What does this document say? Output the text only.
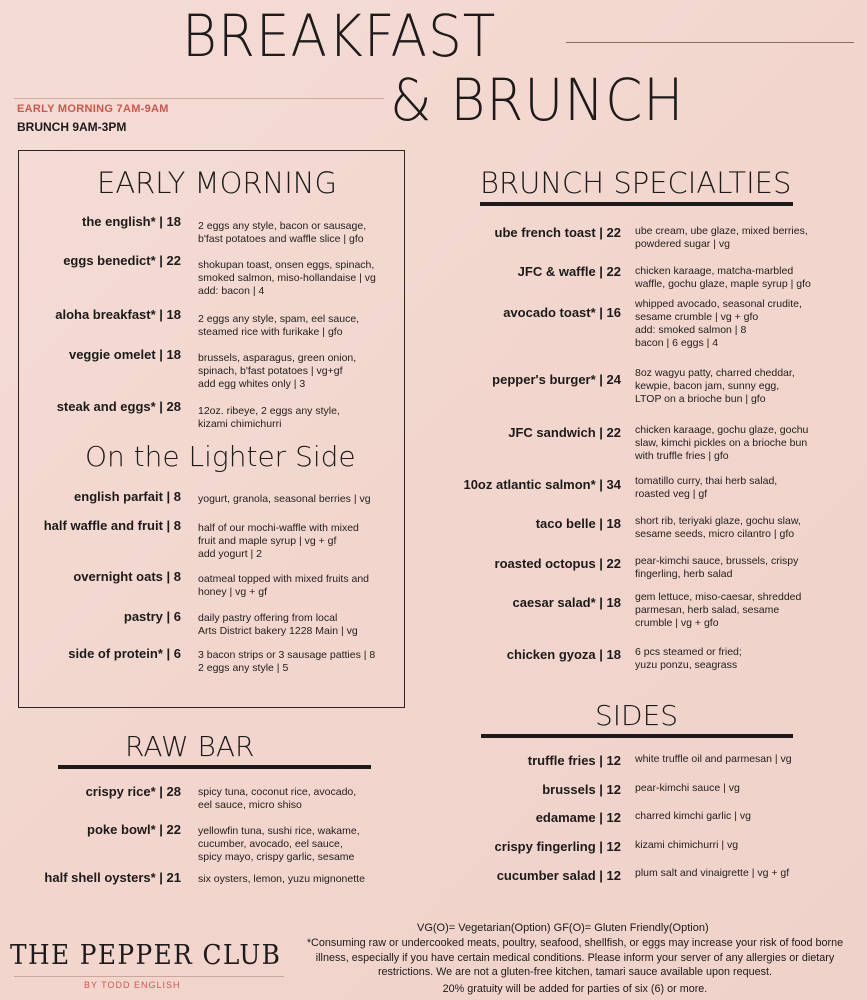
BREAKFAST
& BRUNCH
EARLY MORNING 7AM-9AM
BRUNCH 9AM-3PM
EARLY MORNING
the english* | 18 2 eggs any style, bacon or sausage,
b'fast potatoes and waffle slice | gfo
eggs benedict* | 22 shokupan toast, onsen eggs, spinach,
smoked salmon, miso-hollandaise | vg
add: bacon | 4
aloha breakfast* | 18 2 eggs any style, spam, eel sauce,
steamed rice with furikake | gfo
veggie omelet | 18 brussels, asparagus, green onion,
spinach, b'fast potatoes | vg+gf
add egg whites only | 3
steak and eggs* | 28 12oz. ribeye, 2 eggs any style,
kizami chimichurri
On the Lighter Side
english parfait | 8 yogurt, granola, seasonal berries | vg
half waffle and fruit | 8 half of our mochi-waffle with mixed
fruit and maple syrup | vg + gf
add yogurt | 2
overnight oats | 8 oatmeal topped with mixed fruits and
honey | vg + gf
pastry | 6 daily pastry offering from local
Arts District bakery 1228 Main | vg
side of protein* | 6 3 bacon strips or 3 sausage patties | 8
2 eggs any style | 5
RAW BAR
crispy rice* | 28 spicy tuna, coconut rice, avocado,
eel sauce, micro shiso
poke bowl* | 22 yellowfin tuna, sushi rice, wakame,
cucumber, avocado, eel sauce,
spicy mayo, crispy garlic, sesame
half shell oysters* | 21 six oysters, lemon, yuzu mignonette
BRUNCH SPECIALTIES
ube french toast | 22 ube cream, ube glaze, mixed berries,
powdered sugar | vg
JFC & waffle | 22 chicken karaage, matcha-marbled
waffle, gochu glaze, maple syrup | gfo
avocado toast* | 16
whipped avocado, seasonal crudite,
sesame crumble | vg + gfo
add: smoked salmon | 8
bacon | 6 eggs | 4
pepper's burger* | 24 8oz wagyu patty, charred cheddar,
kewpie, bacon jam, sunny egg,
LTOP on a brioche bun | gfo
JFC sandwich | 22 chicken karaage, gochu glaze, gochu
slaw, kimchi pickles on a brioche bun
with truffle fries | gfo
10oz atlantic salmon* | 34 tomatillo curry, thai herb salad,
roasted veg | gf
taco belle | 18 short rib, teriyaki glaze, gochu slaw,
sesame seeds, micro cilantro | gfo
roasted octopus | 22 pear-kimchi sauce, brussels, crispy
fingerling, herb salad
caesar salad* | 18 gem lettuce, miso-caesar, shredded
parmesan, herb salad, sesame
crumble | vg + gfo
chicken gyoza | 18 6 pcs steamed or fried;
yuzu ponzu, seagrass
SIDES
truffle fries | 12 white truffle oil and parmesan | vg
brussels | 12 pear-kimchi sauce | vg
edamame | 12 charred kimchi garlic | vg
crispy fingerling | 12 kizami chimichurri | vg
cucumber salad | 12 plum salt and vinaigrette | vg + gf
THE PEPPER CLUB
BY TODD ENGLISH
VG(O)= Vegetarian(Option) GF(O)= Gluten Friendly(Option)
*Consuming raw or undercooked meats, poultry, seafood, shellfish, or eggs may increase your risk of food borne illness, especially if you have certain medical conditions. Please inform your server of any allergies or dietary restrictions. We are not a gluten-free kitchen, tamari sauce available upon request.
20% gratuity will be added for parties of six (6) or more.
